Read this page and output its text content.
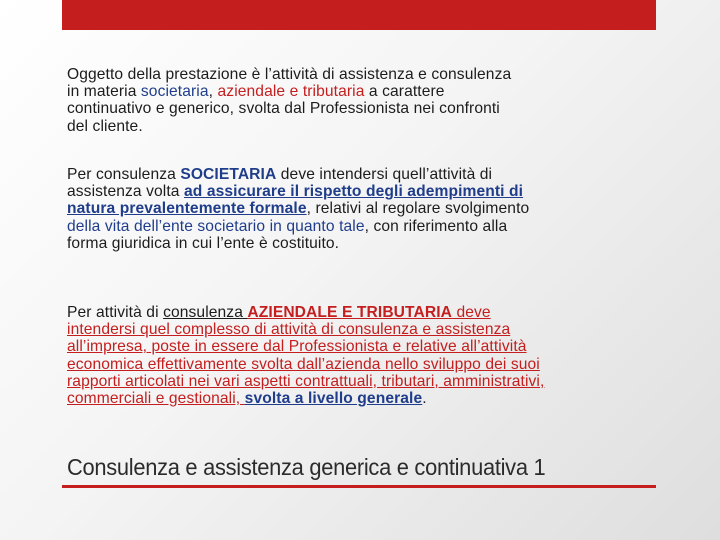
Oggetto della prestazione è l’attività di assistenza e consulenza
in materia societaria, aziendale e tributaria a carattere
continuativo e generico, svolta dal Professionista nei confronti
del cliente.
Per consulenza SOCIETARIA deve intendersi quell’attività di
assistenza volta ad assicurare il rispetto degli adempimenti di
natura prevalentemente formale, relativi al regolare svolgimento
della vita dell’ente societario in quanto tale, con riferimento alla
forma giuridica in cui l’ente è costituito.
Per attività di consulenza AZIENDALE E TRIBUTARIA deve
intendersi quel complesso di attività di consulenza e assistenza
all’impresa, poste in essere dal Professionista e relative all’attività
economica effettivamente svolta dall’azienda nello sviluppo dei suoi
rapporti articolati nei vari aspetti contrattuali, tributari, amministrativi,
commerciali e gestionali, svolta a livello generale.
Consulenza e assistenza generica e continuativa 1
